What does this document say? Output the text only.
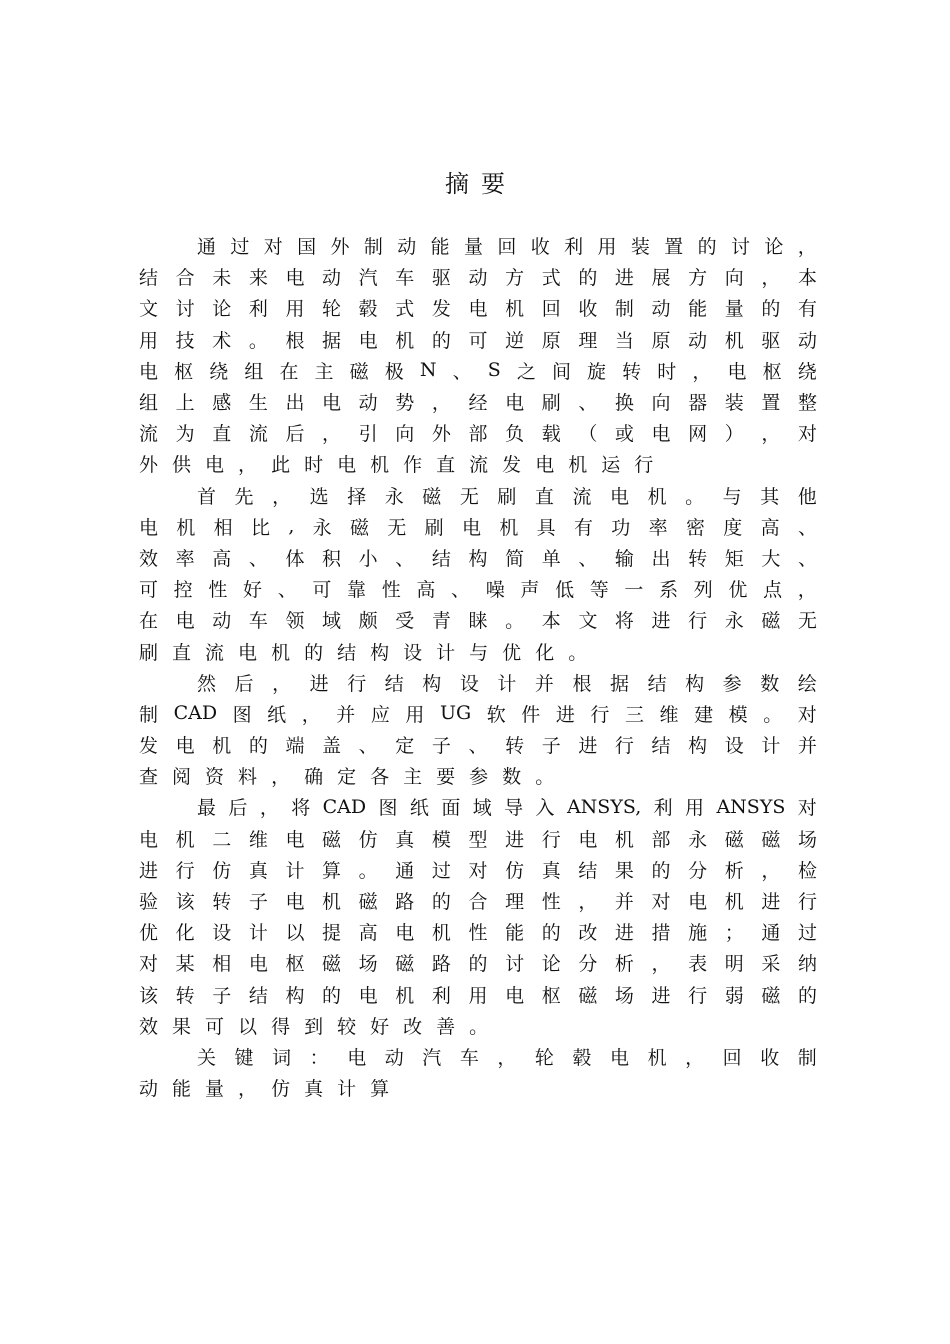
摘要
通 过 对 国 外 制 动 能 量 回 收 利 用 装 置 的 讨 论 ，
结 合 未 来 电 动 汽 车 驱 动 方 式 的 进 展 方 向 ， 本
文 讨 论 利 用 轮 毂 式 发 电 机 回 收 制 动 能 量 的 有
用 技 术 。 根 据 电 机 的 可 逆 原 理 当 原 动 机 驱 动
电 枢 绕 组 在 主 磁 极 N 、 S 之 间 旋 转 时 ， 电 枢 绕
组 上 感 生 出 电 动 势 ， 经 电 刷 、 换 向 器 装 置 整
流 为 直 流 后 ， 引 向 外 部 负 载 （ 或 电 网 ） ， 对
外 供 电 ， 此 时 电 机 作 直 流 发 电 机 运 行
首 先 ， 选 择 永 磁 无 刷 直 流 电 机 。 与 其 他
电 机 相 比 , 永 磁 无 刷 电 机 具 有 功 率 密 度 高 、
效 率 高 、 体 积 小 、 结 构 简 单 、 输 出 转 矩 大 、
可 控 性 好 、 可 靠 性 高 、 噪 声 低 等 一 系 列 优 点 ，
在 电 动 车 领 域 颇 受 青 睐 。 本 文 将 进 行 永 磁 无
刷 直 流 电 机 的 结 构 设 计 与 优 化 。
然 后 ， 进 行 结 构 设 计 并 根 据 结 构 参 数 绘
制 CAD 图 纸 ， 并 应 用 UG 软 件 进 行 三 维 建 模 。 对
发 电 机 的 端 盖 、 定 子 、 转 子 进 行 结 构 设 计 并
查 阅 资 料 ， 确 定 各 主 要 参 数 。
最 后 ， 将 CAD 图 纸 面 域 导 入 ANSYS, 利 用 ANSYS 对
电 机 二 维 电 磁 仿 真 模 型 进 行 电 机 部 永 磁 磁 场
进 行 仿 真 计 算 。 通 过 对 仿 真 结 果 的 分 析 ， 检
验 该 转 子 电 机 磁 路 的 合 理 性 ， 并 对 电 机 进 行
优 化 设 计 以 提 高 电 机 性 能 的 改 进 措 施 ； 通 过
对 某 相 电 枢 磁 场 磁 路 的 讨 论 分 析 ， 表 明 采 纳
该 转 子 结 构 的 电 机 利 用 电 枢 磁 场 进 行 弱 磁 的
效 果 可 以 得 到 较 好 改 善 。
关 键 词 ： 电 动 汽 车 ， 轮 毂 电 机 ， 回 收 制
动 能 量 ， 仿 真 计 算
